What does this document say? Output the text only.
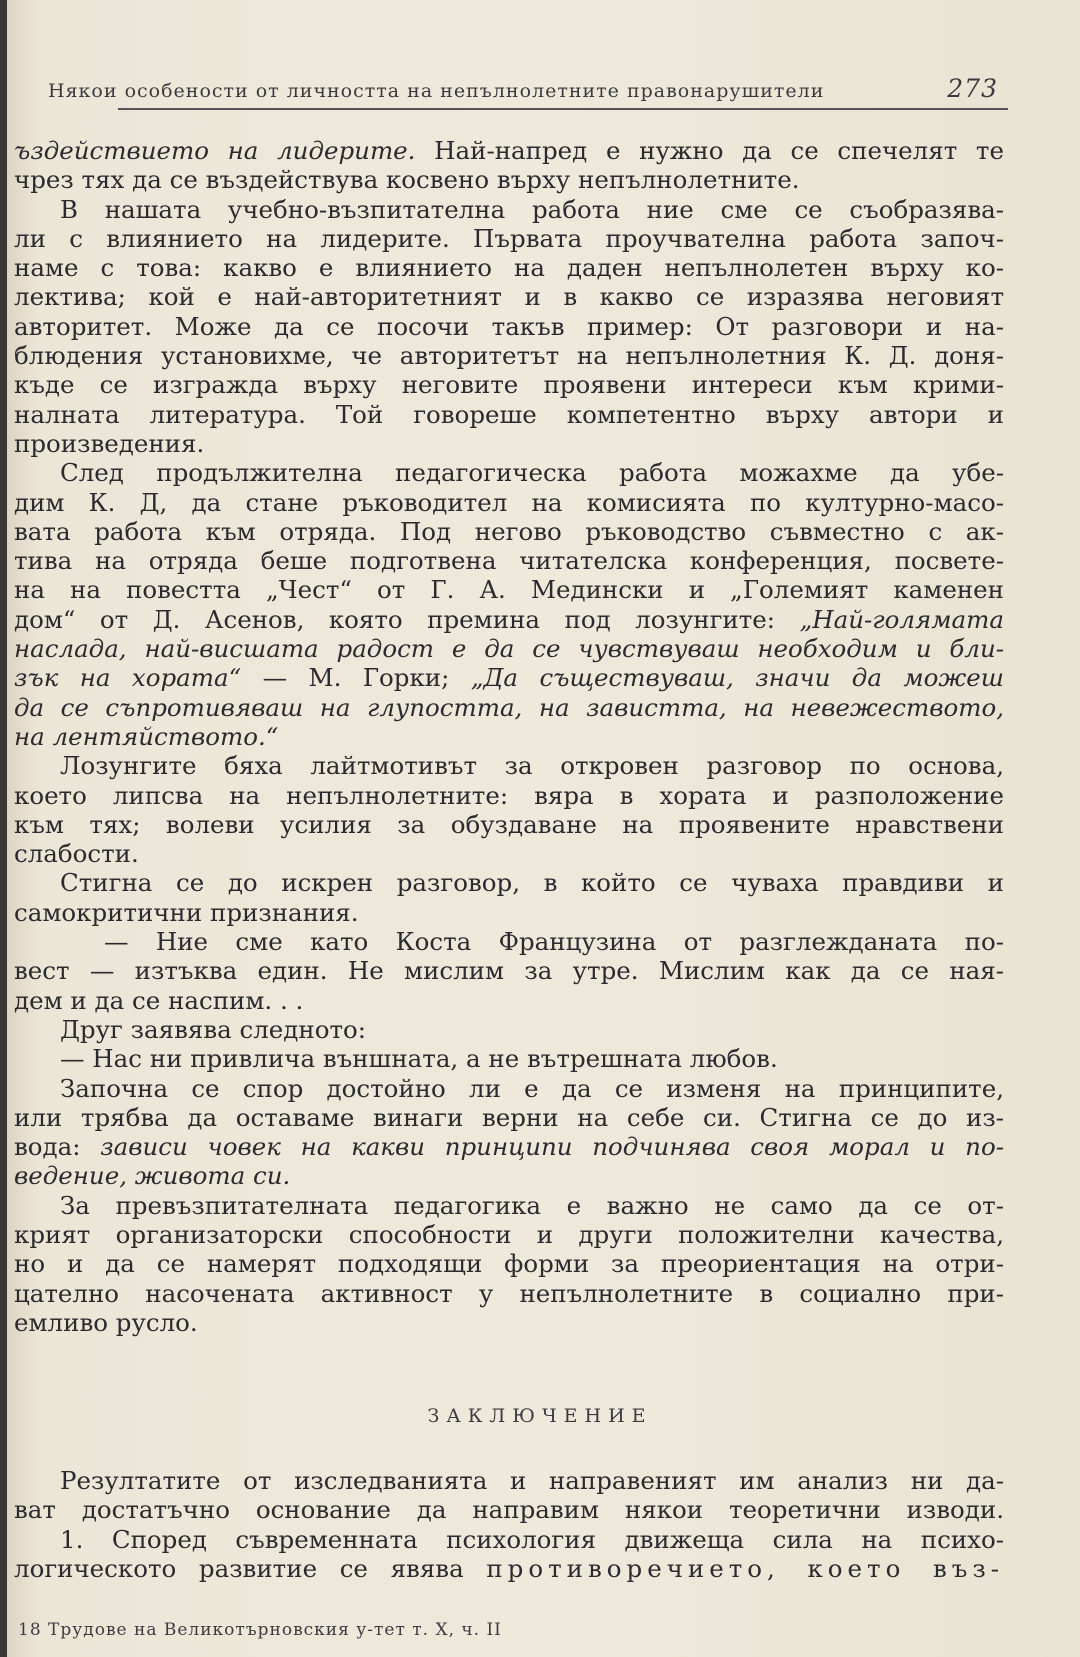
Някои особености от личността на непълнолетните правонарушители	273
ъздействието на лидерите. Най-напред е нужно да се спечелят те
чрез тях да се въздействува косвено върху непълнолетните.
В нашата учебно-възпитателна работа ние сме се съобразява-
ли с влиянието на лидерите. Първата проучвателна работа започ-
наме с това: какво е влиянието на даден непълнолетен върху ко-
лектива; кой е най-авторитетният и в какво се изразява неговият
авторитет. Може да се посочи такъв пример: От разговори и на-
блюдения установихме, че авторитетът на непълнолетния К. Д. доня-
къде се изгражда върху неговите проявени интереси към крими-
налната литература. Той говореше компетентно върху автори и
произведения.
След продължителна педагогическа работа можахме да убе-
дим К. Д, да стане ръководител на комисията по културно-масо-
вата работа към отряда. Под негово ръководство съвместно с ак-
тива на отряда беше подготвена читателска конференция, посвете-
на на повестта „Чест“ от Г. А. Медински и „Големият каменен
дом“ от Д. Асенов, която премина под лозунгите: „Най-голямата
наслада, най-висшата радост е да се чувствуваш необходим и бли-
зък на хората“ — М. Горки; „Да съществуваш, значи да можеш
да се съпротивяваш на глупостта, на завистта, на невежеството,
на лентяйството.“
Лозунгите бяха лайтмотивът за откровен разговор по основа,
което липсва на непълнолетните: вяра в хората и разположение
към тях; волеви усилия за обуздаване на проявените нравствени
слабости.
Стигна се до искрен разговор, в който се чуваха правдиви и
самокритични признания.
— Ние сме като Коста Французина от разглежданата по-
вест — изтъква един. Не мислим за утре. Мислим как да се ная-
дем и да се наспим. . .
Друг заявява следното:
— Нас ни привлича външната, а не вътрешната любов.
Започна се спор достойно ли е да се изменя на принципите,
или трябва да оставаме винаги верни на себе си. Стигна се до из-
вода: зависи човек на какви принципи подчинява своя морал и по-
ведение, живота си.
За превъзпитателната педагогика е важно не само да се от-
крият организаторски способности и други положителни качества,
но и да се намерят подходящи форми за преориентация на отри-
цателно насочената активност у непълнолетните в социално при-
емливо русло.
ЗАКЛЮЧЕНИЕ
Резултатите от изследванията и направеният им анализ ни да-
ват достатъчно основание да направим някои теоретични изводи.
1. Според съвременната психология движеща сила на психо-
логическото развитие се явява противоречието, което въз-
18 Трудове на Великотърновския у-тет т. X, ч. II
